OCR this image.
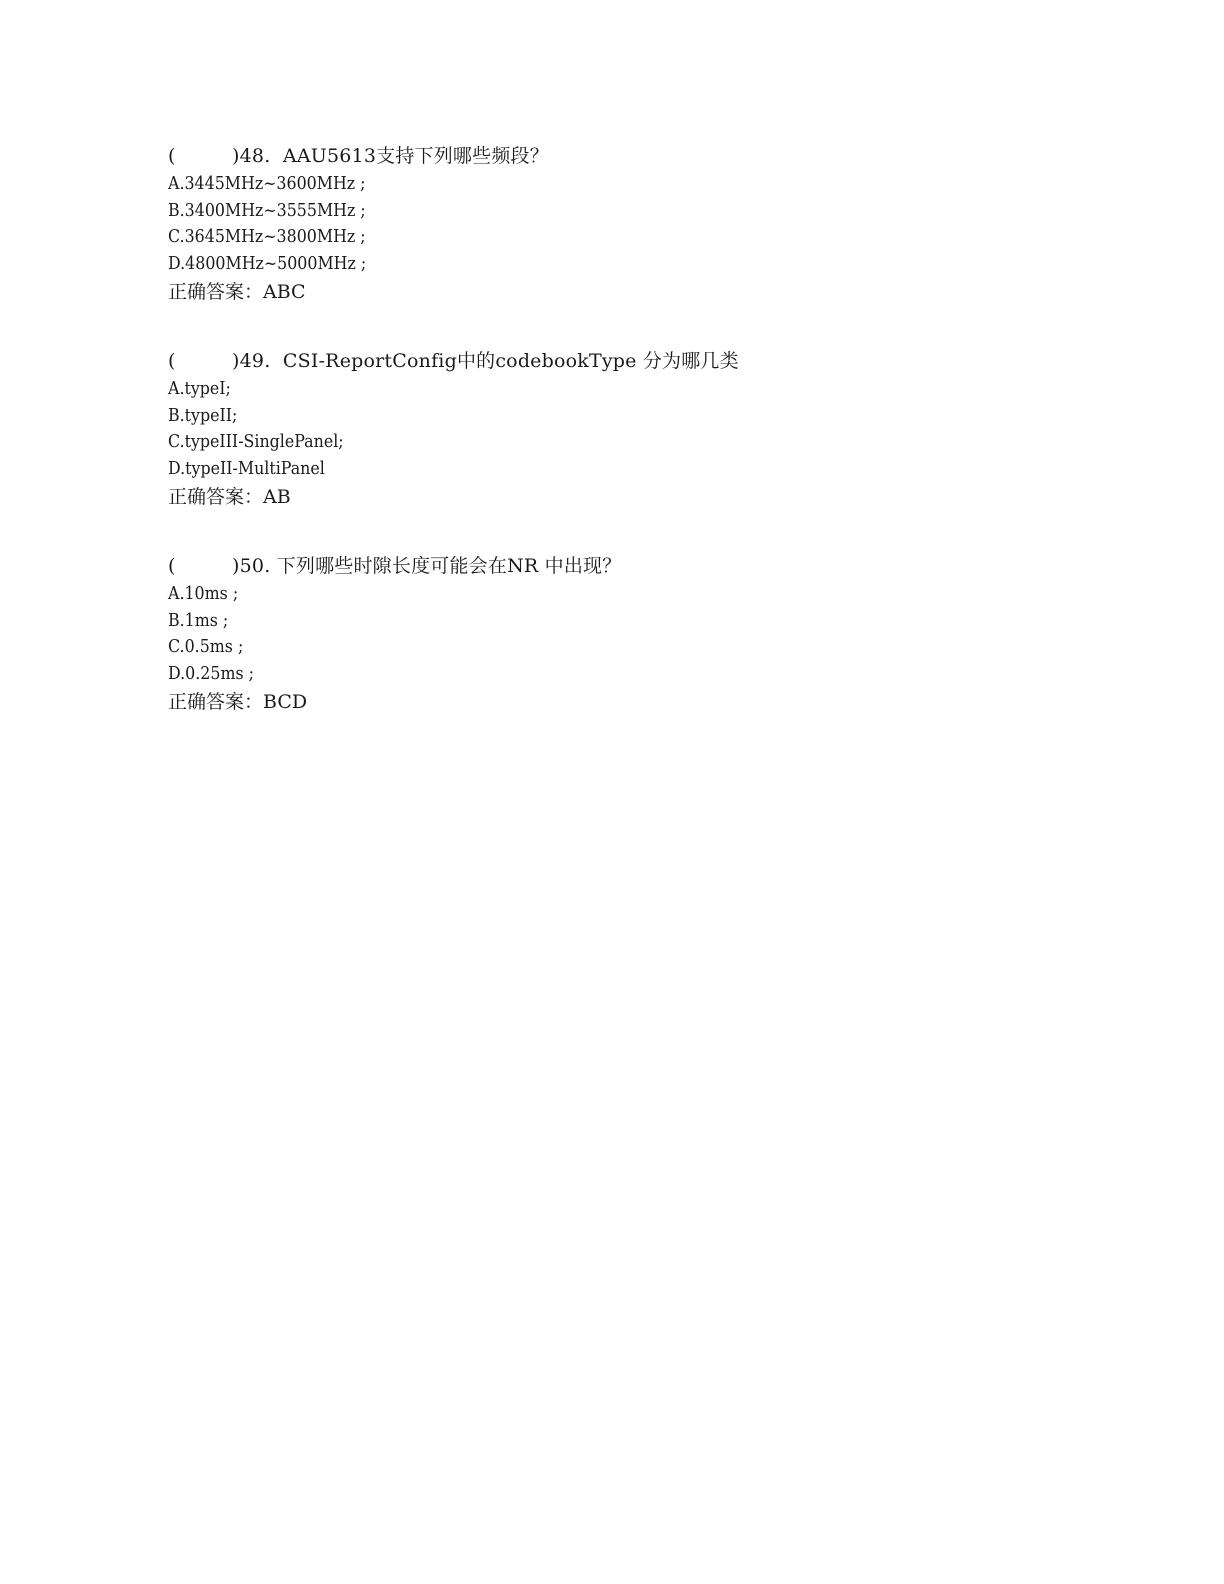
(	)48.  AAU5613支持下列哪些频段？
A.3445MHz~3600MHz ;
B.3400MHz~3555MHz ;
C.3645MHz~3800MHz ;
D.4800MHz~5000MHz ;
正确答案：ABC
(	)49.  CSI-ReportConfig中的codebookType 分为哪几类
A.typeI;
B.typeII;
C.typeIII-SinglePanel;
D.typeII-MultiPanel
正确答案：AB
(	)50. 下列哪些时隙长度可能会在NR 中出现？
A.10ms ;
B.1ms ;
C.0.5ms ;
D.0.25ms ;
正确答案：BCD
